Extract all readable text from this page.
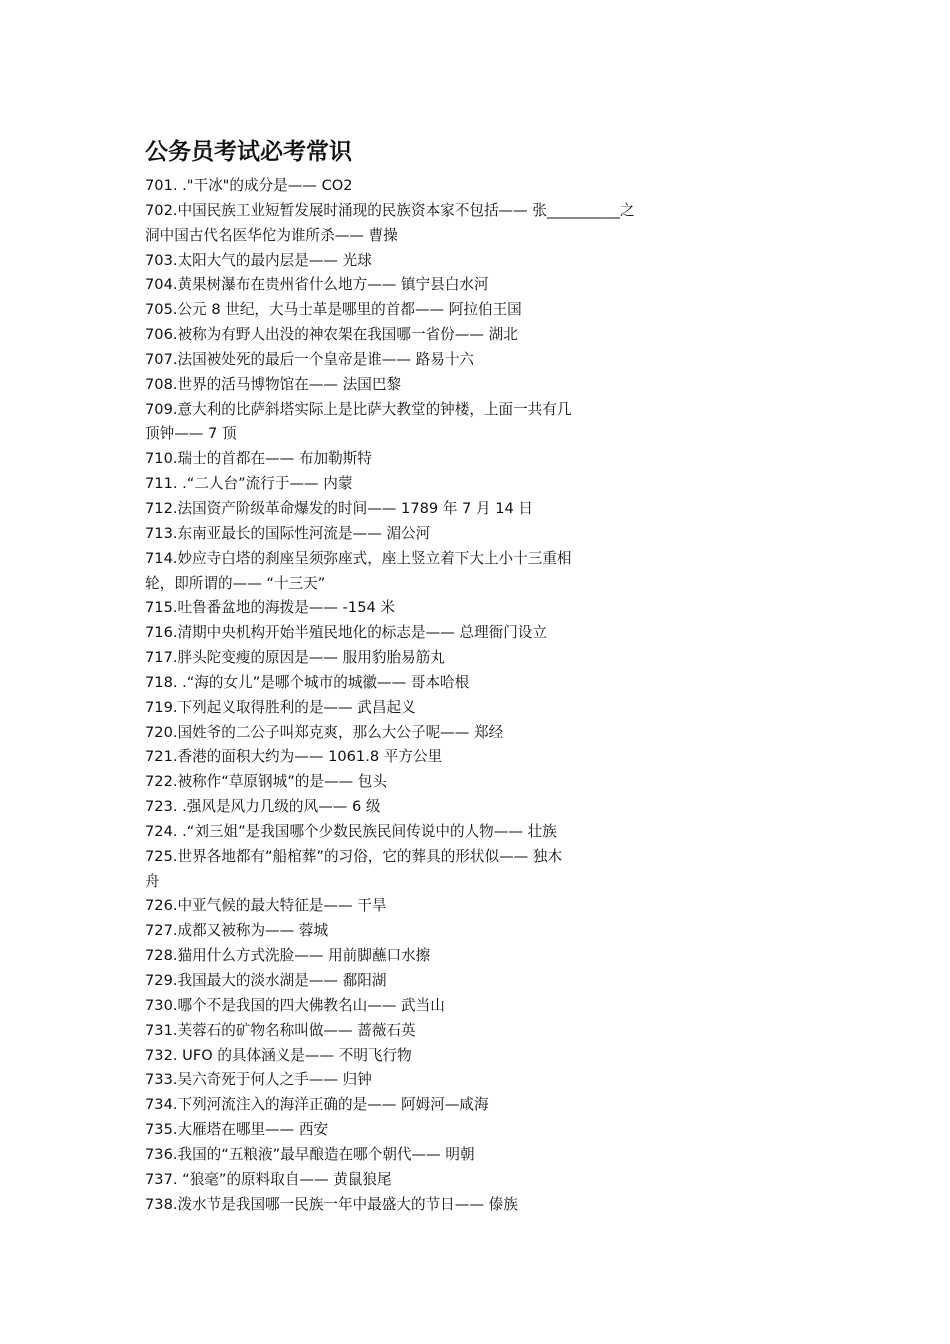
公务员考试必考常识
701. ."干冰"的成分是—— CO2
702.中国民族工业短暂发展时涌现的民族资本家不包括—— 张__________之
洞中国古代名医华佗为谁所杀—— 曹操
703.太阳大气的最内层是—— 光球
704.黄果树瀑布在贵州省什么地方—— 镇宁县白水河
705.公元 8 世纪，大马士革是哪里的首都—— 阿拉伯王国
706.被称为有野人出没的神农架在我国哪一省份—— 湖北
707.法国被处死的最后一个皇帝是谁—— 路易十六
708.世界的活马博物馆在—— 法国巴黎
709.意大利的比萨斜塔实际上是比萨大教堂的钟楼，上面一共有几
顶钟—— 7 顶
710.瑞士的首都在—— 布加勒斯特
711. .“二人台”流行于—— 内蒙
712.法国资产阶级革命爆发的时间—— 1789 年 7 月 14 日
713.东南亚最长的国际性河流是—— 湄公河
714.妙应寺白塔的刹座呈须弥座式，座上竖立着下大上小十三重相
轮，即所谓的—— “十三天”
715.吐鲁番盆地的海拨是—— -154 米
716.清期中央机构开始半殖民地化的标志是—— 总理衙门设立
717.胖头陀变瘦的原因是—— 服用豹胎易筋丸
718. .“海的女儿”是哪个城市的城徽—— 哥本哈根
719.下列起义取得胜利的是—— 武昌起义
720.国姓爷的二公子叫郑克爽，那么大公子呢—— 郑经
721.香港的面积大约为—— 1061.8 平方公里
722.被称作“草原钢城”的是—— 包头
723. .强风是风力几级的风—— 6 级
724. .“刘三姐”是我国哪个少数民族民间传说中的人物—— 壮族
725.世界各地都有“船棺葬”的习俗，它的葬具的形状似—— 独木
舟
726.中亚气候的最大特征是—— 干旱
727.成都又被称为—— 蓉城
728.猫用什么方式洗脸—— 用前脚蘸口水擦
729.我国最大的淡水湖是—— 鄱阳湖
730.哪个不是我国的四大佛教名山—— 武当山
731.芙蓉石的矿物名称叫做—— 蔷薇石英
732. UFO 的具体涵义是—— 不明飞行物
733.吴六奇死于何人之手—— 归钟
734.下列河流注入的海洋正确的是—— 阿姆河—咸海
735.大雁塔在哪里—— 西安
736.我国的“五粮液”最早酿造在哪个朝代—— 明朝
737. “狼毫”的原料取自—— 黄鼠狼尾
738.泼水节是我国哪一民族一年中最盛大的节日—— 傣族
